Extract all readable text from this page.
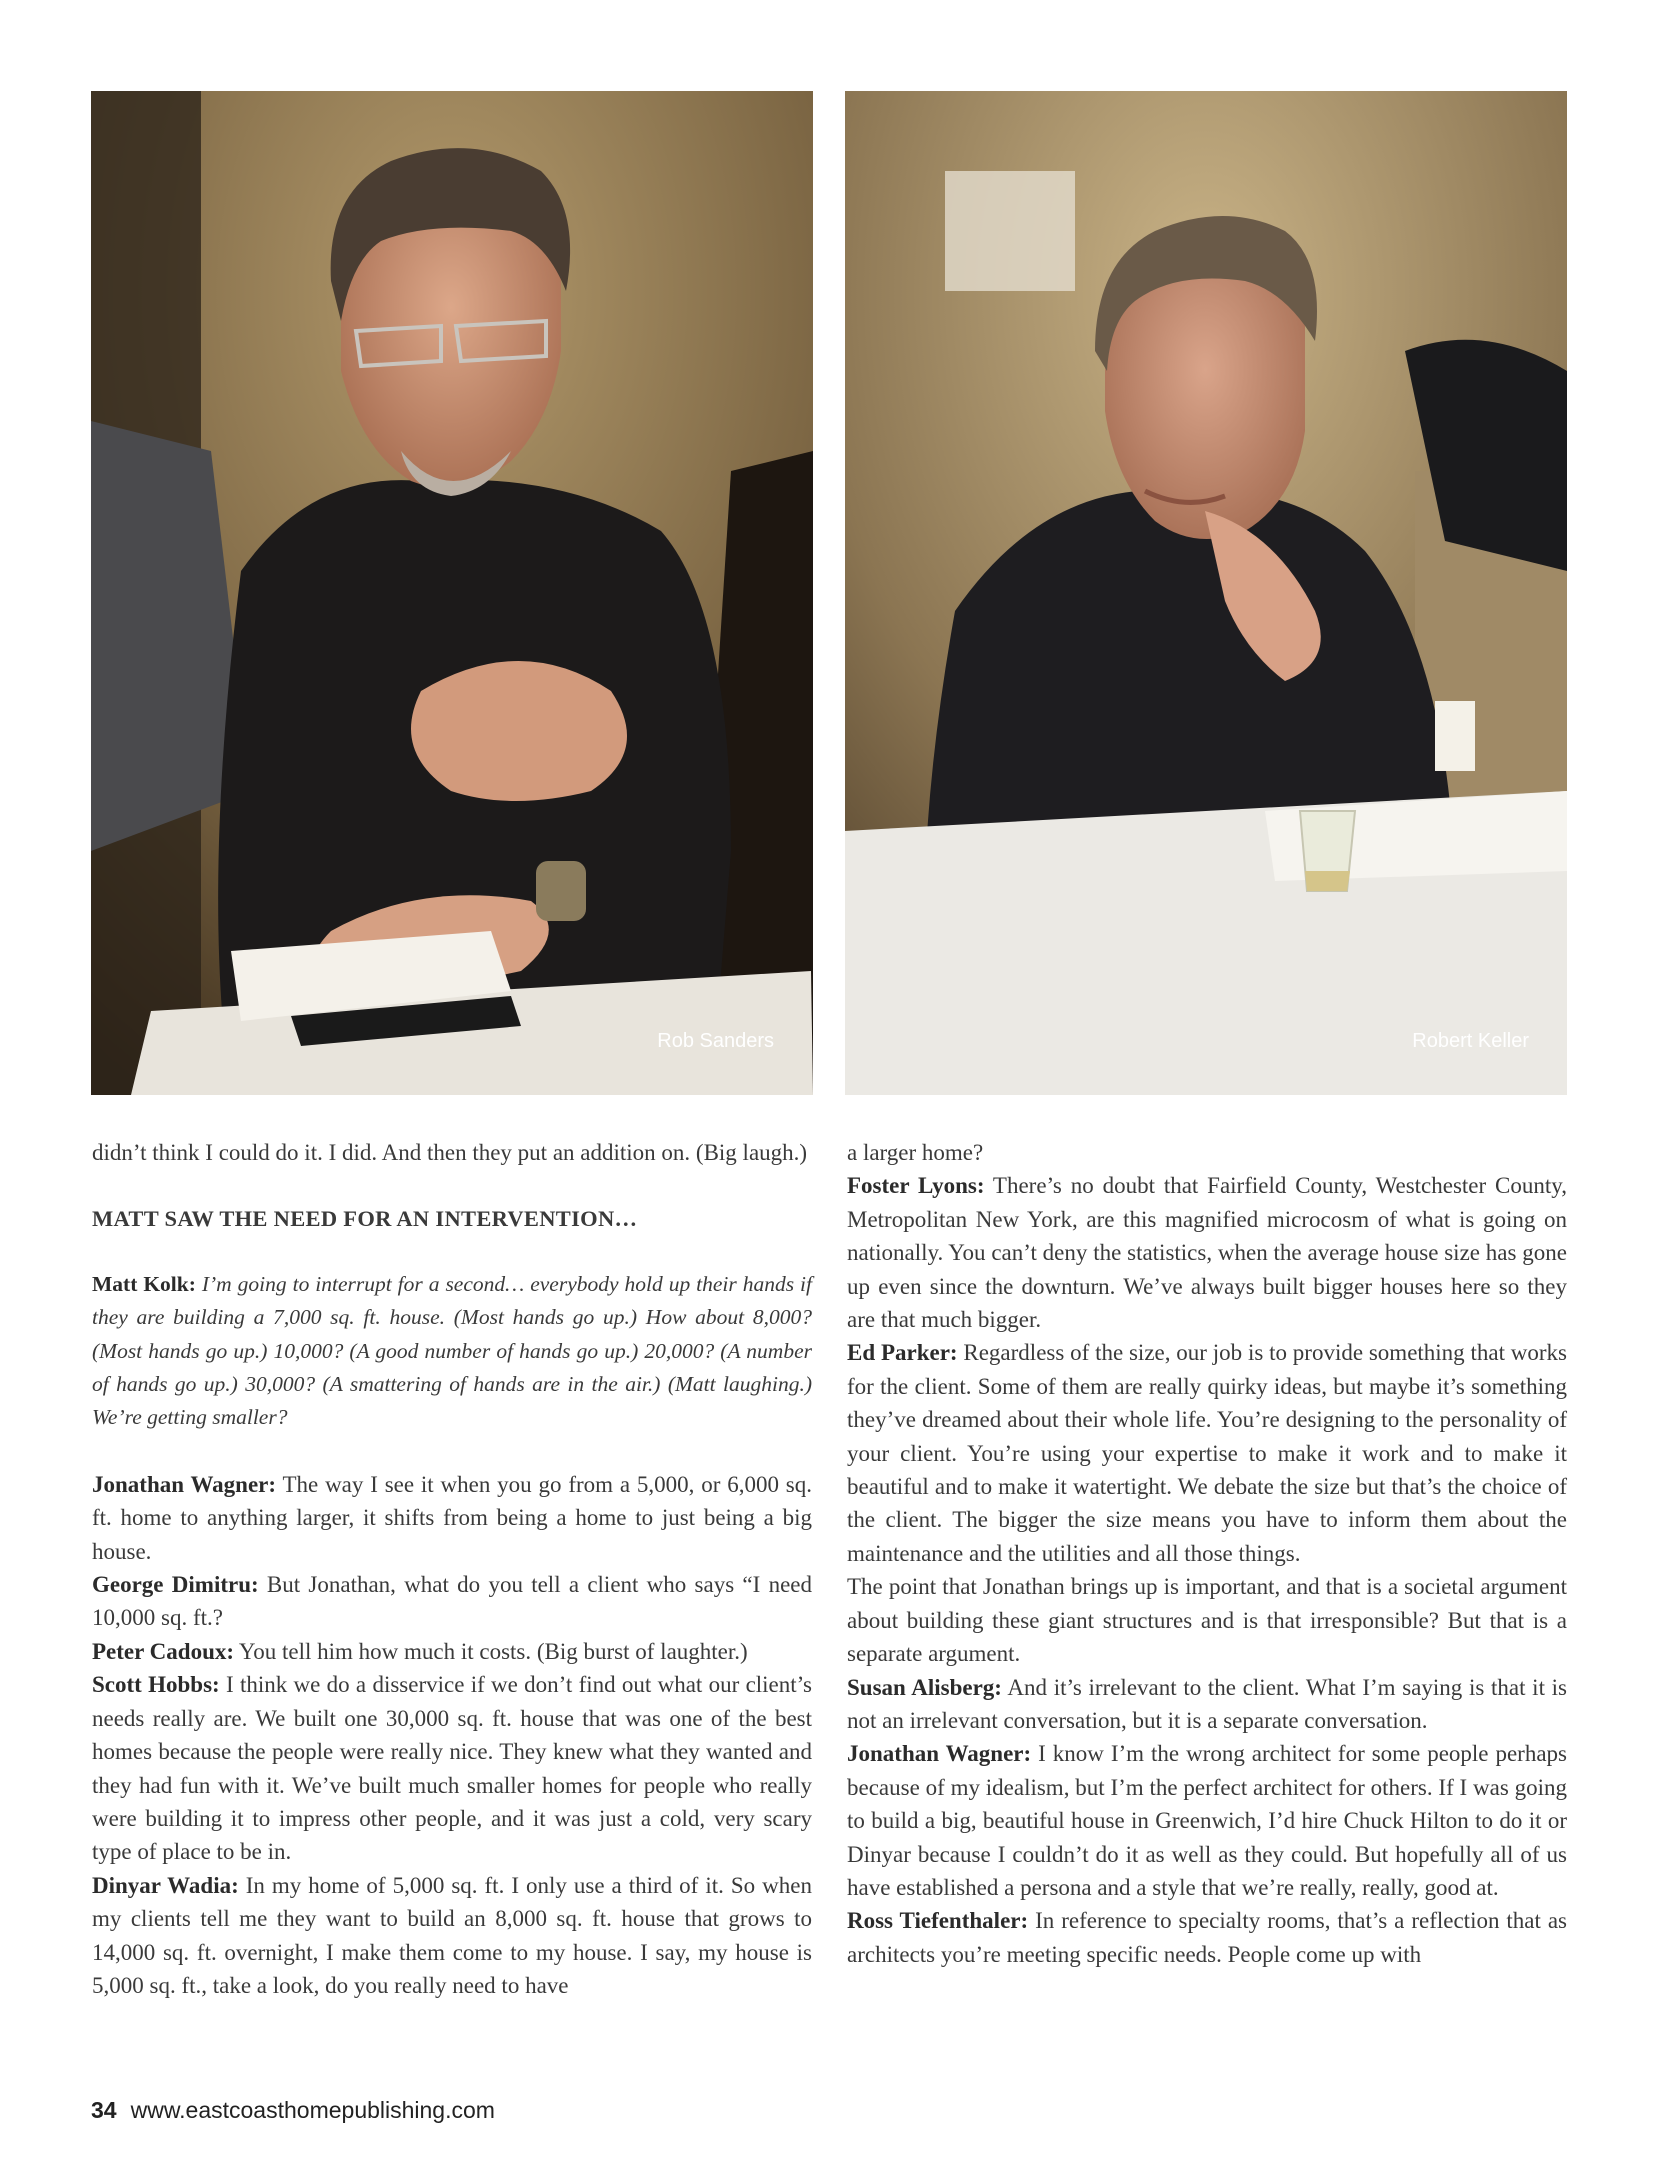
Rob Sanders	Robert Keller

didn’t think I could do it. I did. And then they put an addition on. (Big laugh.)

MATT SAW THE NEED FOR AN INTERVENTION…

Matt Kolk: I’m going to interrupt for a second… everybody hold up their hands if they are building a 7,000 sq. ft. house. (Most hands go up.) How about 8,000? (Most hands go up.) 10,000? (A good number of hands go up.) 20,000? (A number of hands go up.) 30,000? (A smattering of hands are in the air.) (Matt laughing.) We’re getting smaller?

Jonathan Wagner: The way I see it when you go from a 5,000, or 6,000 sq. ft. home to anything larger, it shifts from being a home to just being a big house.

George Dimitru: But Jonathan, what do you tell a client who says “I need 10,000 sq. ft.?

Peter Cadoux: You tell him how much it costs. (Big burst of laughter.)

Scott Hobbs: I think we do a disservice if we don’t find out what our client’s needs really are. We built one 30,000 sq. ft. house that was one of the best homes because the people were really nice. They knew what they wanted and they had fun with it. We’ve built much smaller homes for people who really were building it to impress other people, and it was just a cold, very scary type of place to be in.

Dinyar Wadia: In my home of 5,000 sq. ft. I only use a third of it. So when my clients tell me they want to build an 8,000 sq. ft. house that grows to 14,000 sq. ft. overnight, I make them come to my house. I say, my house is 5,000 sq. ft., take a look, do you really need to have

a larger home?

Foster Lyons: There’s no doubt that Fairfield County, Westchester County, Metropolitan New York, are this magnified microcosm of what is going on nationally. You can’t deny the statistics, when the average house size has gone up even since the downturn. We’ve always built bigger houses here so they are that much bigger.

Ed Parker: Regardless of the size, our job is to provide something that works for the client. Some of them are really quirky ideas, but maybe it’s something they’ve dreamed about their whole life. You’re designing to the personality of your client. You’re using your expertise to make it work and to make it beautiful and to make it watertight. We debate the size but that’s the choice of the client. The bigger the size means you have to inform them about the maintenance and the utilities and all those things.

The point that Jonathan brings up is important, and that is a societal argument about building these giant structures and is that irresponsible? But that is a separate argument.

Susan Alisberg: And it’s irrelevant to the client. What I’m saying is that it is not an irrelevant conversation, but it is a separate conversation.

Jonathan Wagner: I know I’m the wrong architect for some people perhaps because of my idealism, but I’m the perfect architect for others. If I was going to build a big, beautiful house in Greenwich, I’d hire Chuck Hilton to do it or Dinyar because I couldn’t do it as well as they could. But hopefully all of us have established a persona and a style that we’re really, really, good at.

Ross Tiefenthaler: In reference to specialty rooms, that’s a reflection that as architects you’re meeting specific needs. People come up with

34 www.eastcoasthomepublishing.com
